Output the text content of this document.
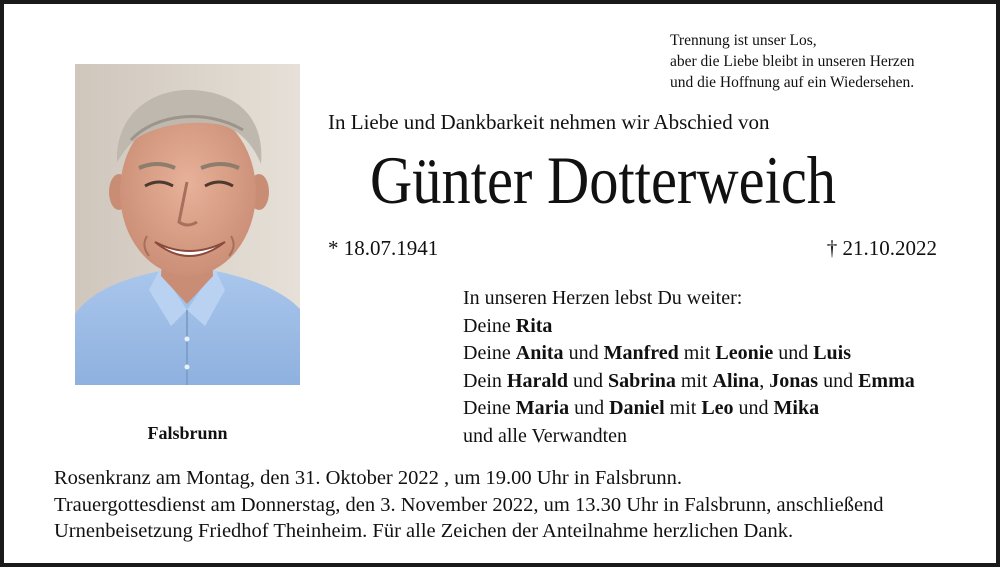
Trennung ist unser Los,
aber die Liebe bleibt in unseren Herzen
und die Hoffnung auf ein Wiedersehen.
Falsbrunn
In Liebe und Dankbarkeit nehmen wir Abschied von
Günter Dotterweich
* 18.07.1941	† 21.10.2022
In unseren Herzen lebst Du weiter:
Deine Rita
Deine Anita und Manfred mit Leonie und Luis
Dein Harald und Sabrina mit Alina, Jonas und Emma
Deine Maria und Daniel mit Leo und Mika
und alle Verwandten
Rosenkranz am Montag, den 31. Oktober 2022 , um 19.00 Uhr in Falsbrunn.
Trauergottesdienst am Donnerstag, den 3. November 2022, um 13.30 Uhr in Falsbrunn, anschließend
Urnenbeisetzung Friedhof Theinheim. Für alle Zeichen der Anteilnahme herzlichen Dank.
